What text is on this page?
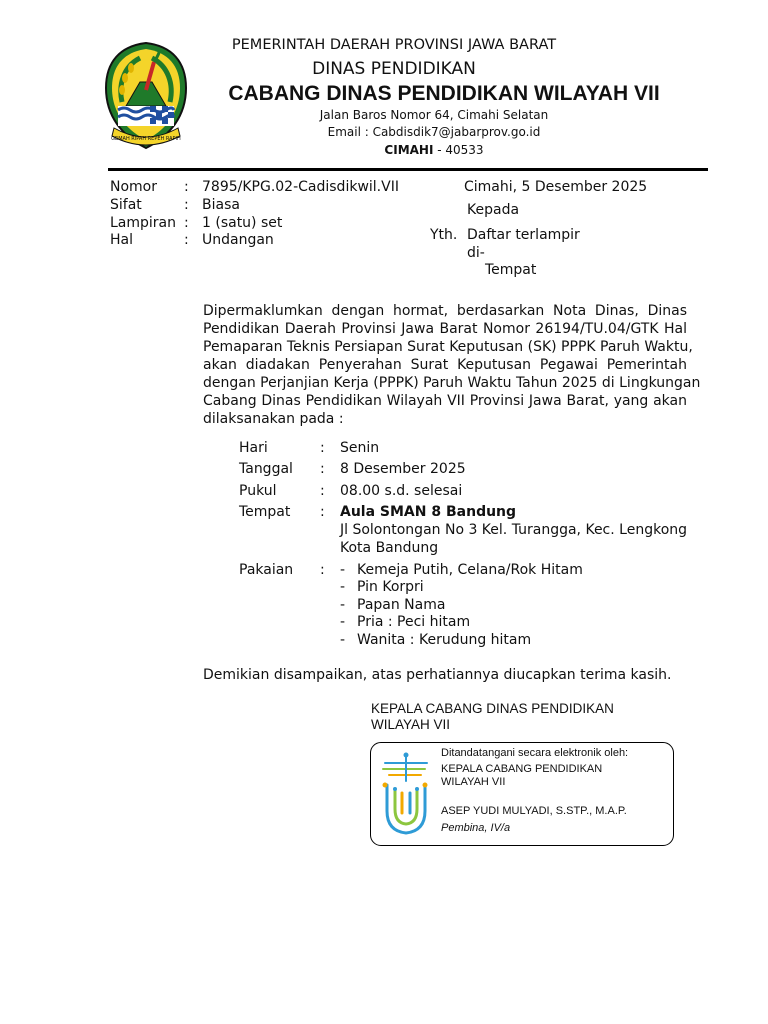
GEMAH RIPAH REPEH RAPIH
PEMERINTAH DAERAH PROVINSI JAWA BARAT
DINAS PENDIDIKAN
CABANG DINAS PENDIDIKAN WILAYAH VII
Jalan Baros Nomor 64, Cimahi Selatan
Email : Cabdisdik7@jabarprov.go.id
CIMAHI - 40533
Nomor
Sifat
Lampiran
Hal
:
:
:
:
7895/KPG.02-Cadisdikwil.VII
Biasa
1 (satu) set
Undangan
Cimahi, 5 Desember 2025
Kepada
Yth. Daftar terlampir
di-
Tempat
Dipermaklumkan dengan hormat, berdasarkan Nota Dinas, Dinas
Pendidikan Daerah Provinsi Jawa Barat Nomor 26194/TU.04/GTK Hal
Pemaparan Teknis Persiapan Surat Keputusan (SK) PPPK Paruh Waktu,
akan diadakan Penyerahan Surat Keputusan Pegawai Pemerintah
dengan Perjanjian Kerja (PPPK) Paruh Waktu Tahun 2025 di Lingkungan
Cabang Dinas Pendidikan Wilayah VII Provinsi Jawa Barat, yang akan
dilaksanakan pada :
Hari	: Senin
Tanggal : 8 Desember 2025
Pukul	: 08.00 s.d. selesai
Tempat : Aula SMAN 8 Bandung
Jl Solontongan No 3 Kel. Turangga, Kec. Lengkong
Kota Bandung
Pakaian : - Kemeja Putih, Celana/Rok Hitam
- Pin Korpri
- Papan Nama
- Pria : Peci hitam
- Wanita : Kerudung hitam
Demikian disampaikan, atas perhatiannya diucapkan terima kasih.
KEPALA CABANG DINAS PENDIDIKAN
WILAYAH VII
Ditandatangani secara elektronik oleh:
KEPALA CABANG PENDIDIKAN
WILAYAH VII
ASEP YUDI MULYADI, S.STP., M.A.P.
Pembina, IV/a
